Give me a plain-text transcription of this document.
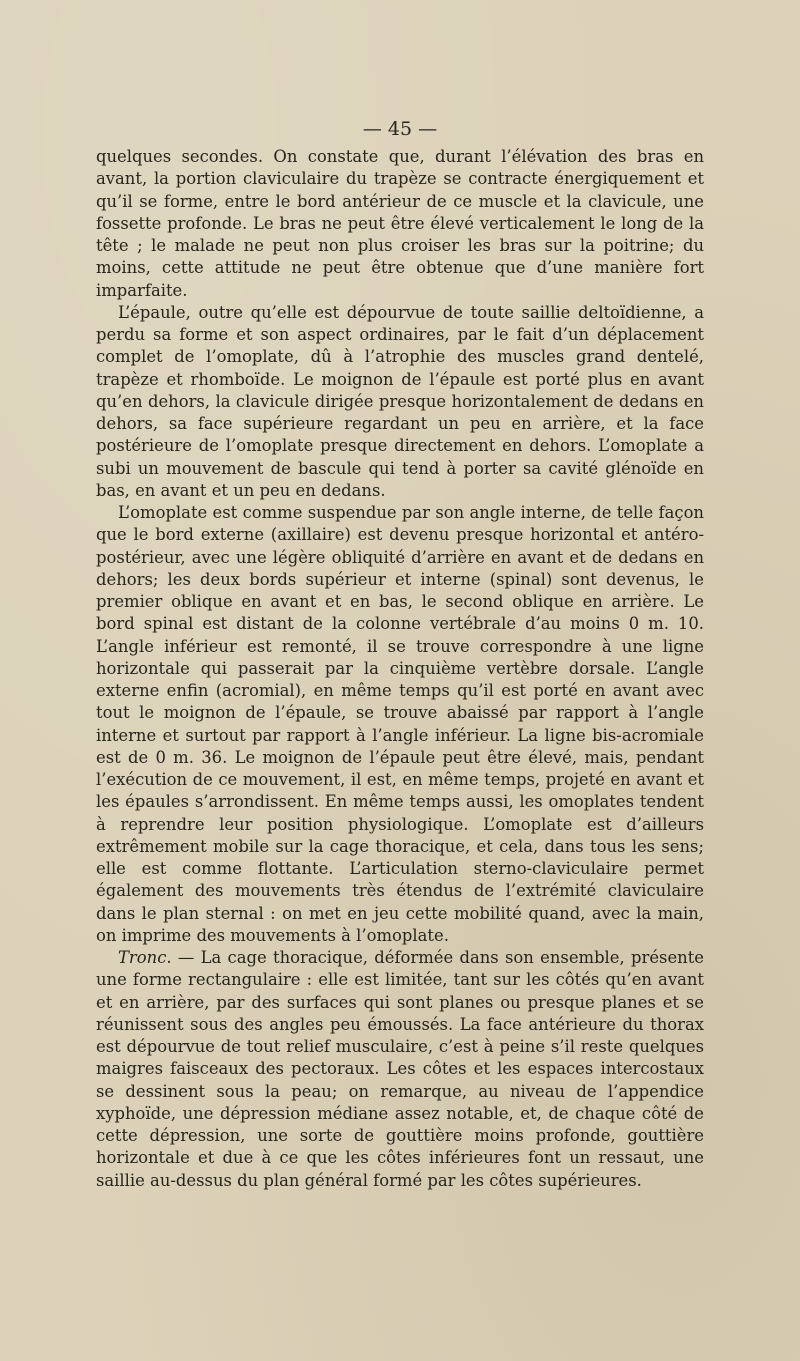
— 45 —

quelques secondes. On constate que, durant l’élévation des bras en avant, la portion claviculaire du trapèze se contracte énergiquement et qu’il se forme, entre le bord antérieur de ce muscle et la clavicule, une fossette profonde. Le bras ne peut être élevé verticalement le long de la tête ; le malade ne peut non plus croiser les bras sur la poitrine; du moins, cette attitude ne peut être obtenue que d’une manière fort imparfaite.

L’épaule, outre qu’elle est dépourvue de toute saillie deltoïdienne, a perdu sa forme et son aspect ordinaires, par le fait d’un déplacement complet de l’omoplate, dû à l’atrophie des muscles grand dentelé, trapèze et rhomboïde. Le moignon de l’épaule est porté plus en avant qu’en dehors, la clavicule dirigée presque horizontalement de dedans en dehors, sa face supérieure regardant un peu en arrière, et la face postérieure de l’omoplate presque directement en dehors. L’omoplate a subi un mouvement de bascule qui tend à porter sa cavité glénoïde en bas, en avant et un peu en dedans.

L’omoplate est comme suspendue par son angle interne, de telle façon que le bord externe (axillaire) est devenu presque horizontal et antéro-postérieur, avec une légère obliquité d’arrière en avant et de dedans en dehors; les deux bords supérieur et interne (spinal) sont devenus, le premier oblique en avant et en bas, le second oblique en arrière. Le bord spinal est distant de la colonne vertébrale d’au moins 0 m. 10. L’angle inférieur est remonté, il se trouve correspondre à une ligne horizontale qui passerait par la cinquième vertèbre dorsale. L’angle externe enfin (acromial), en même temps qu’il est porté en avant avec tout le moignon de l’épaule, se trouve abaissé par rapport à l’angle interne et surtout par rapport à l’angle inférieur. La ligne bis-acromiale est de 0 m. 36. Le moignon de l’épaule peut être élevé, mais, pendant l’exécution de ce mouvement, il est, en même temps, projeté en avant et les épaules s’arrondissent. En même temps aussi, les omoplates tendent à reprendre leur position physiologique. L’omoplate est d’ailleurs extrêmement mobile sur la cage thoracique, et cela, dans tous les sens; elle est comme flottante. L’articulation sterno-claviculaire permet également des mouvements très étendus de l’extrémité claviculaire dans le plan sternal : on met en jeu cette mobilité quand, avec la main, on imprime des mouvements à l’omoplate.

Tronc. — La cage thoracique, déformée dans son ensemble, présente une forme rectangulaire : elle est limitée, tant sur les côtés qu’en avant et en arrière, par des surfaces qui sont planes ou presque planes et se réunissent sous des angles peu émoussés. La face antérieure du thorax est dépourvue de tout relief musculaire, c’est à peine s’il reste quelques maigres faisceaux des pectoraux. Les côtes et les espaces intercostaux se dessinent sous la peau; on remarque, au niveau de l’appendice xyphoïde, une dépression médiane assez notable, et, de chaque côté de cette dépression, une sorte de gouttière moins profonde, gouttière horizontale et due à ce que les côtes inférieures font un ressaut, une saillie au-dessus du plan général formé par les côtes supérieures.
